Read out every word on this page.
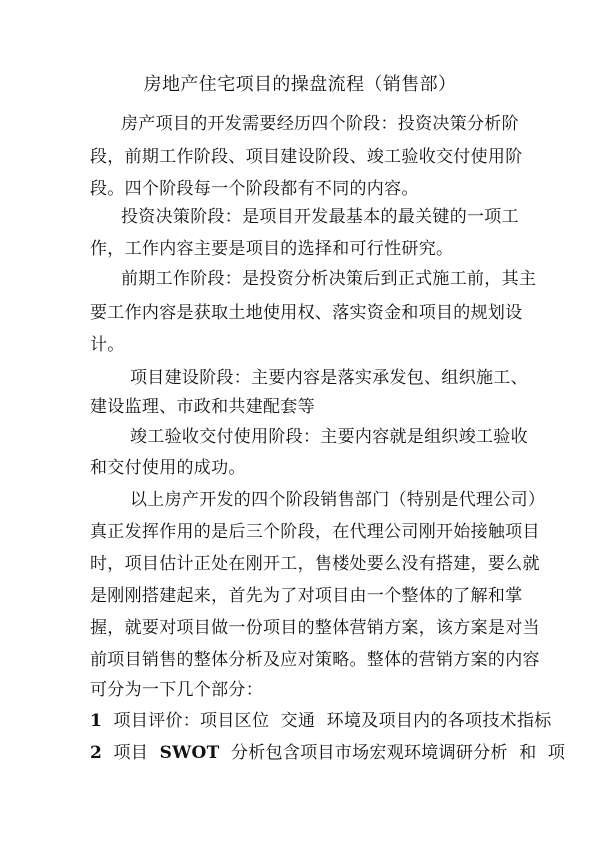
房地产住宅项目的操盘流程（销售部）
房产项目的开发需要经历四个阶段：投资决策分析阶
段，前期工作阶段、项目建设阶段、竣工验收交付使用阶
段。四个阶段每一个阶段都有不同的内容。
投资决策阶段：是项目开发最基本的最关键的一项工
作，工作内容主要是项目的选择和可行性研究。
前期工作阶段：是投资分析决策后到正式施工前，其主
要工作内容是获取土地使用权、落实资金和项目的规划设
计。
项目建设阶段：主要内容是落实承发包、组织施工、
建设监理、市政和共建配套等
竣工验收交付使用阶段：主要内容就是组织竣工验收
和交付使用的成功。
以上房产开发的四个阶段销售部门（特别是代理公司）
真正发挥作用的是后三个阶段，在代理公司刚开始接触项目
时，项目估计正处在刚开工，售楼处要么没有搭建，要么就
是刚刚搭建起来，首先为了对项目由一个整体的了解和掌
握，就要对项目做一份项目的整体营销方案，该方案是对当
前项目销售的整体分析及应对策略。整体的营销方案的内容
可分为一下几个部分：
1  项目评价：项目区位  交通  环境及项目内的各项技术指标
2  项目  SWOT  分析包含项目市场宏观环境调研分析  和  项
